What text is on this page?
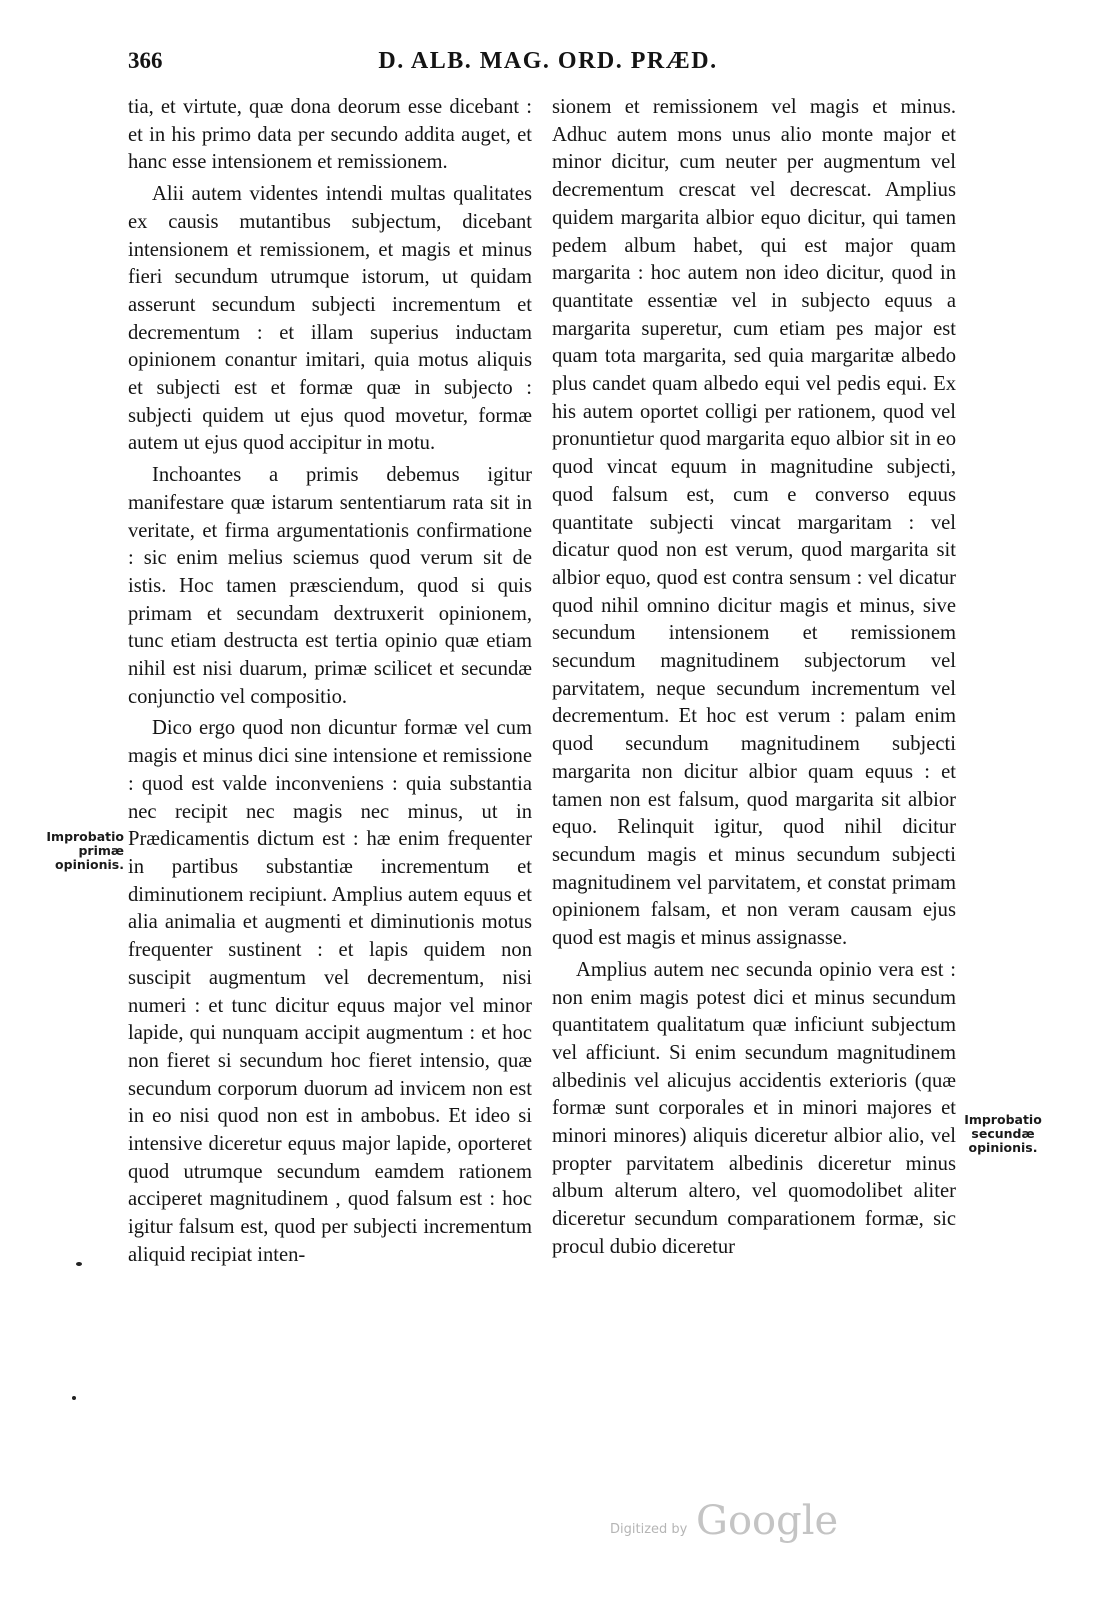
366	D. ALB. MAG. ORD. PRÆD.

tia, et virtute, quæ dona deorum esse dicebant : et in his primo data per secundo addita auget, et hanc esse intensionem et remissionem.

Alii autem videntes intendi multas qualitates ex causis mutantibus subjectum, dicebant intensionem et remissionem, et magis et minus fieri secundum utrumque istorum, ut quidam asserunt secundum subjecti incrementum et decrementum : et illam superius inductam opinionem conantur imitari, quia motus aliquis et subjecti est et formæ quæ in subjecto : subjecti quidem ut ejus quod movetur, formæ autem ut ejus quod accipitur in motu.

Inchoantes a primis debemus igitur manifestare quæ istarum sententiarum rata sit in veritate, et firma argumentationis confirmatione : sic enim melius sciemus quod verum sit de istis. Hoc tamen præsciendum, quod si quis primam et secundam dextruxerit opinionem, tunc etiam destructa est tertia opinio quæ etiam nihil est nisi duarum, primæ scilicet et secundæ conjunctio vel compositio.

Dico ergo quod non dicuntur formæ vel cum magis et minus dici sine intensione et remissione : quod est valde inconveniens : quia substantia nec recipit nec magis nec minus, ut in Prædicamentis dictum est : hæ enim frequenter in partibus substantiæ incrementum et diminutionem recipiunt. Amplius autem equus et alia animalia et augmenti et diminutionis motus frequenter sustinent : et lapis quidem non suscipit augmentum vel decrementum, nisi numeri : et tunc dicitur equus major vel minor lapide, qui nunquam accipit augmentum : et hoc non fieret si secundum hoc fieret intensio, quæ secundum corporum duorum ad invicem non est in eo nisi quod non est in ambobus. Et ideo si intensive diceretur equus major lapide, oporteret quod utrumque secundum eamdem rationem acciperet magnitudinem , quod falsum est : hoc igitur falsum est, quod per subjecti incrementum aliquid recipiat inten-

sionem et remissionem vel magis et minus. Adhuc autem mons unus alio monte major et minor dicitur, cum neuter per augmentum vel decrementum crescat vel decrescat. Amplius quidem margarita albior equo dicitur, qui tamen pedem album habet, qui est major quam margarita : hoc autem non ideo dicitur, quod in quantitate essentiæ vel in subjecto equus a margarita superetur, cum etiam pes major est quam tota margarita, sed quia margaritæ albedo plus candet quam albedo equi vel pedis equi. Ex his autem oportet colligi per rationem, quod vel pronuntietur quod margarita equo albior sit in eo quod vincat equum in magnitudine subjecti, quod falsum est, cum e converso equus quantitate subjecti vincat margaritam : vel dicatur quod non est verum, quod margarita sit albior equo, quod est contra sensum : vel dicatur quod nihil omnino dicitur magis et minus, sive secundum intensionem et remissionem secundum magnitudinem subjectorum vel parvitatem, neque secundum incrementum vel decrementum. Et hoc est verum : palam enim quod secundum magnitudinem subjecti margarita non dicitur albior quam equus : et tamen non est falsum, quod margarita sit albior equo. Relinquit igitur, quod nihil dicitur secundum magis et minus secundum subjecti magnitudinem vel parvitatem, et constat primam opinionem falsam, et non veram causam ejus quod est magis et minus assignasse.

Amplius autem nec secunda opinio vera est : non enim magis potest dici et minus secundum quantitatem qualitatum quæ inficiunt subjectum vel afficiunt. Si enim secundum magnitudinem albedinis vel alicujus accidentis exterioris (quæ formæ sunt corporales et in minori majores et minori minores) aliquis diceretur albior alio, vel propter parvitatem albedinis diceretur minus album alterum altero, vel quomodolibet aliter diceretur secundum comparationem formæ, sic procul dubio diceretur

Improbatio primæ opinionis.
Improbatio secundæ opinionis.
Digitized by Google
